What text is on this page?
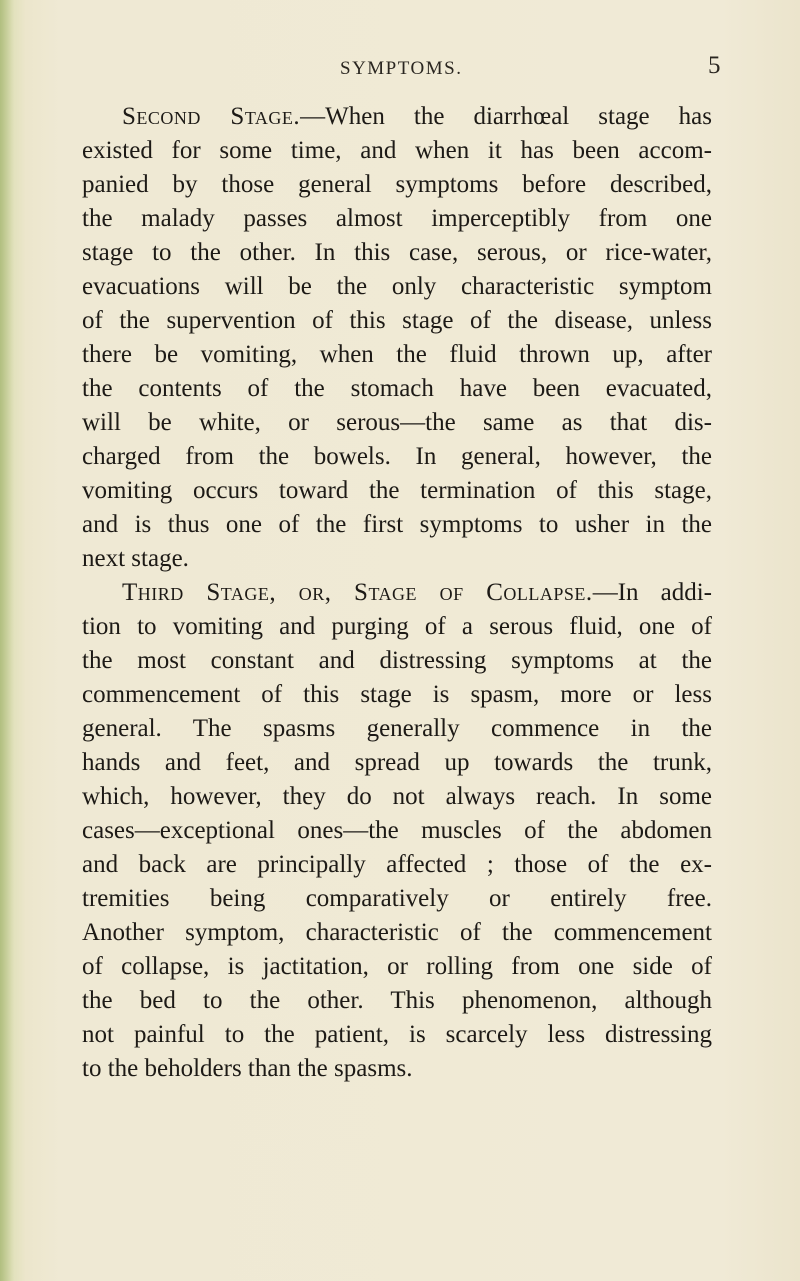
SYMPTOMS.	5
Second Stage.—When the diarrhœal stage has
existed for some time, and when it has been accom-
panied by those general symptoms before described,
the malady passes almost imperceptibly from one
stage to the other. In this case, serous, or rice-water,
evacuations will be the only characteristic symptom
of the supervention of this stage of the disease, unless
there be vomiting, when the fluid thrown up, after
the contents of the stomach have been evacuated,
will be white, or serous—the same as that dis-
charged from the bowels. In general, however, the
vomiting occurs toward the termination of this stage,
and is thus one of the first symptoms to usher in the
next stage.
Third Stage, or, Stage of Collapse.—In addi-
tion to vomiting and purging of a serous fluid, one of
the most constant and distressing symptoms at the
commencement of this stage is spasm, more or less
general. The spasms generally commence in the
hands and feet, and spread up towards the trunk,
which, however, they do not always reach. In some
cases—exceptional ones—the muscles of the abdomen
and back are principally affected ; those of the ex-
tremities being comparatively or entirely free.
Another symptom, characteristic of the commencement
of collapse, is jactitation, or rolling from one side of
the bed to the other. This phenomenon, although
not painful to the patient, is scarcely less distressing
to the beholders than the spasms.
